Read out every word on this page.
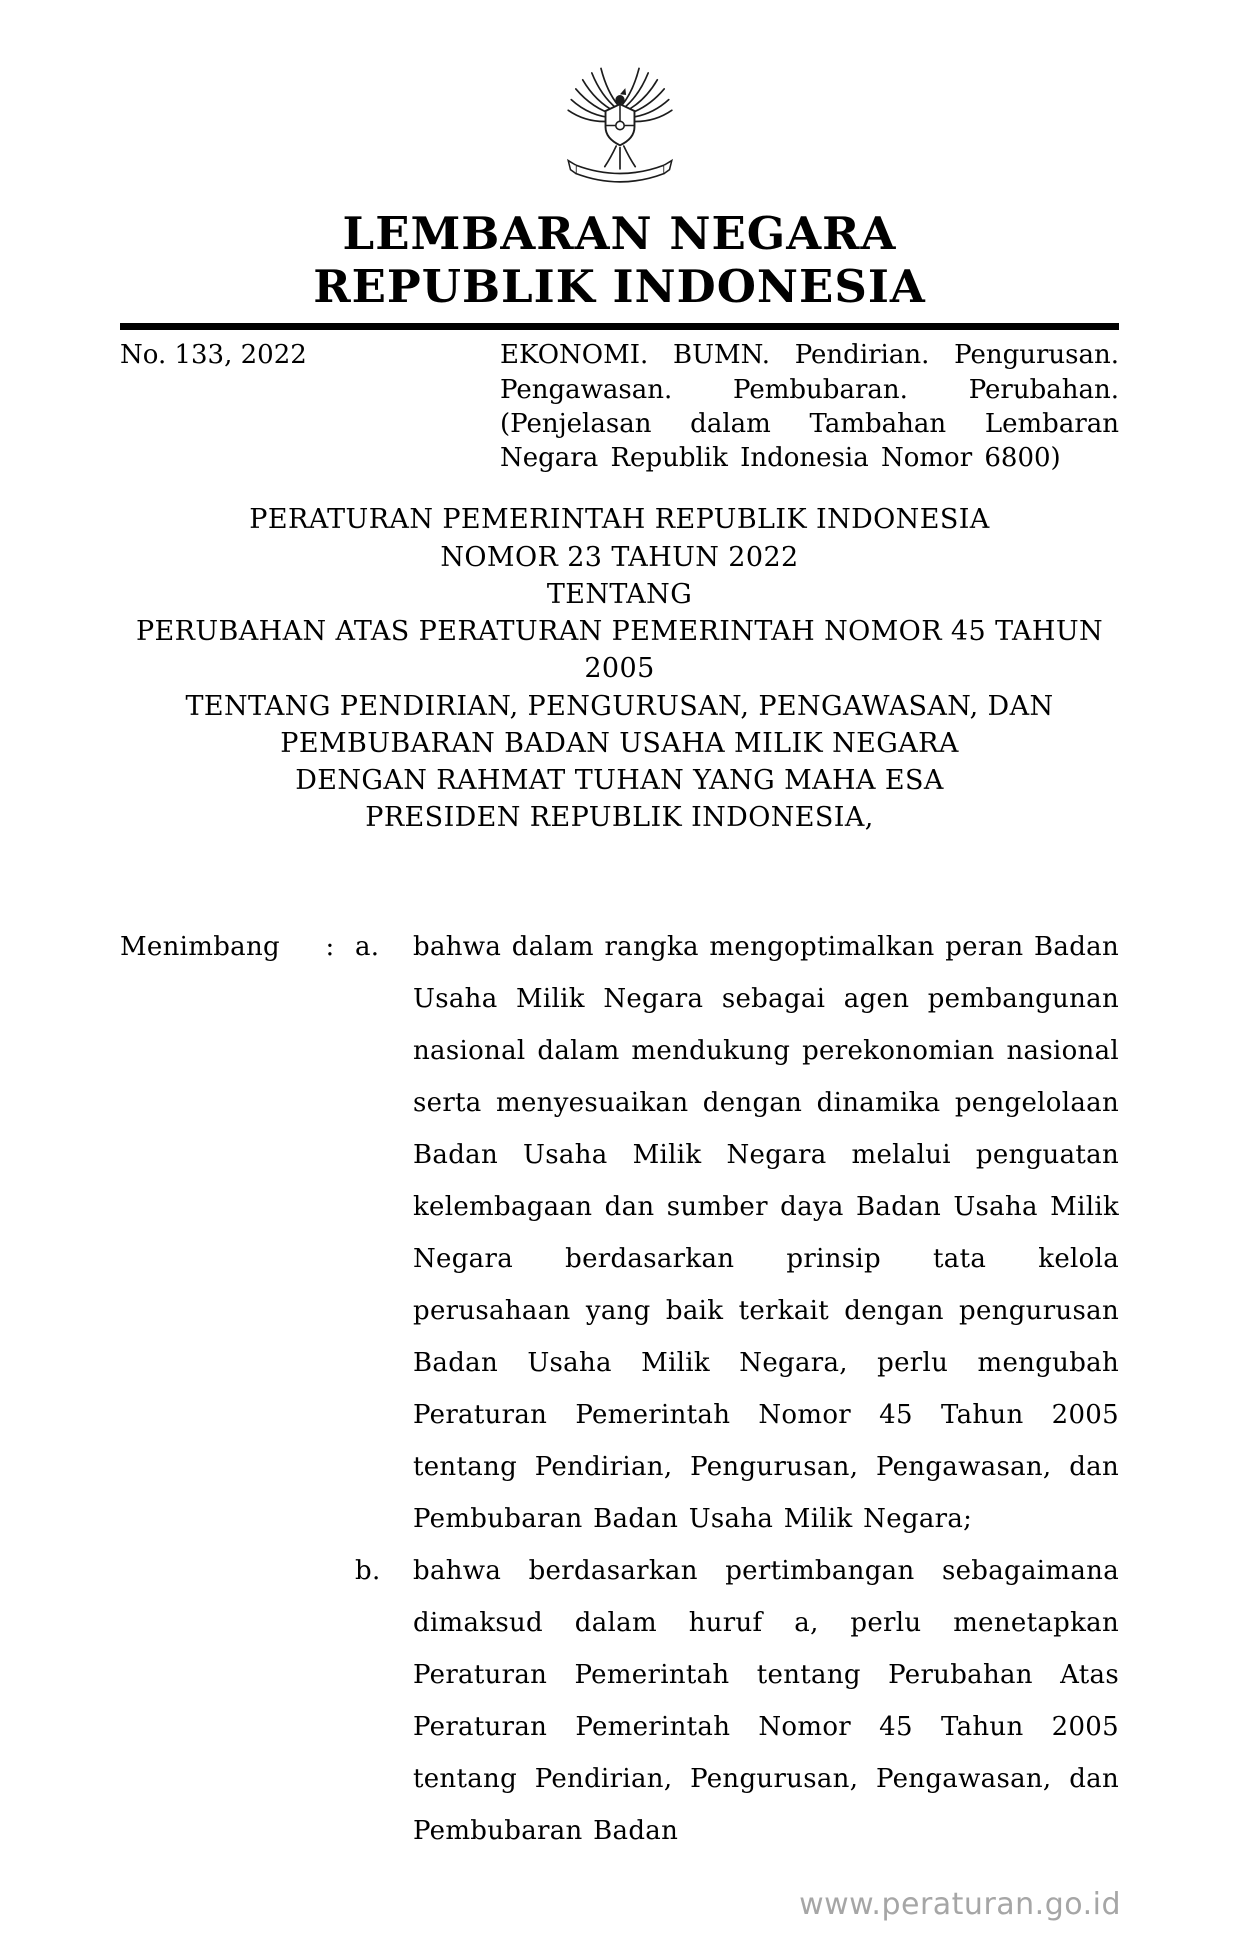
LEMBARAN NEGARA
REPUBLIK INDONESIA
No. 133, 2022	EKONOMI. BUMN. Pendirian. Pengurusan. Pengawasan. Pembubaran. Perubahan. (Penjelasan dalam Tambahan Lembaran Negara Republik Indonesia Nomor 6800)

PERATURAN PEMERINTAH REPUBLIK INDONESIA

NOMOR 23 TAHUN 2022

TENTANG

PERUBAHAN ATAS PERATURAN PEMERINTAH NOMOR 45 TAHUN 2005

TENTANG PENDIRIAN, PENGURUSAN, PENGAWASAN, DAN

PEMBUBARAN BADAN USAHA MILIK NEGARA

DENGAN RAHMAT TUHAN YANG MAHA ESA

PRESIDEN REPUBLIK INDONESIA,

Menimbang	: a.	bahwa dalam rangka mengoptimalkan peran Badan Usaha Milik Negara sebagai agen pembangunan nasional dalam mendukung perekonomian nasional serta menyesuaikan dengan dinamika pengelolaan Badan Usaha Milik Negara melalui penguatan kelembagaan dan sumber daya Badan Usaha Milik Negara berdasarkan prinsip tata kelola perusahaan yang baik terkait dengan pengurusan Badan Usaha Milik Negara, perlu mengubah Peraturan Pemerintah Nomor 45 Tahun 2005 tentang Pendirian, Pengurusan, Pengawasan, dan Pembubaran Badan Usaha Milik Negara;
b.	bahwa berdasarkan pertimbangan sebagaimana dimaksud dalam huruf a, perlu menetapkan Peraturan Pemerintah tentang Perubahan Atas Peraturan Pemerintah Nomor 45 Tahun 2005 tentang Pendirian, Pengurusan, Pengawasan, dan Pembubaran Badan
www.peraturan.go.id
